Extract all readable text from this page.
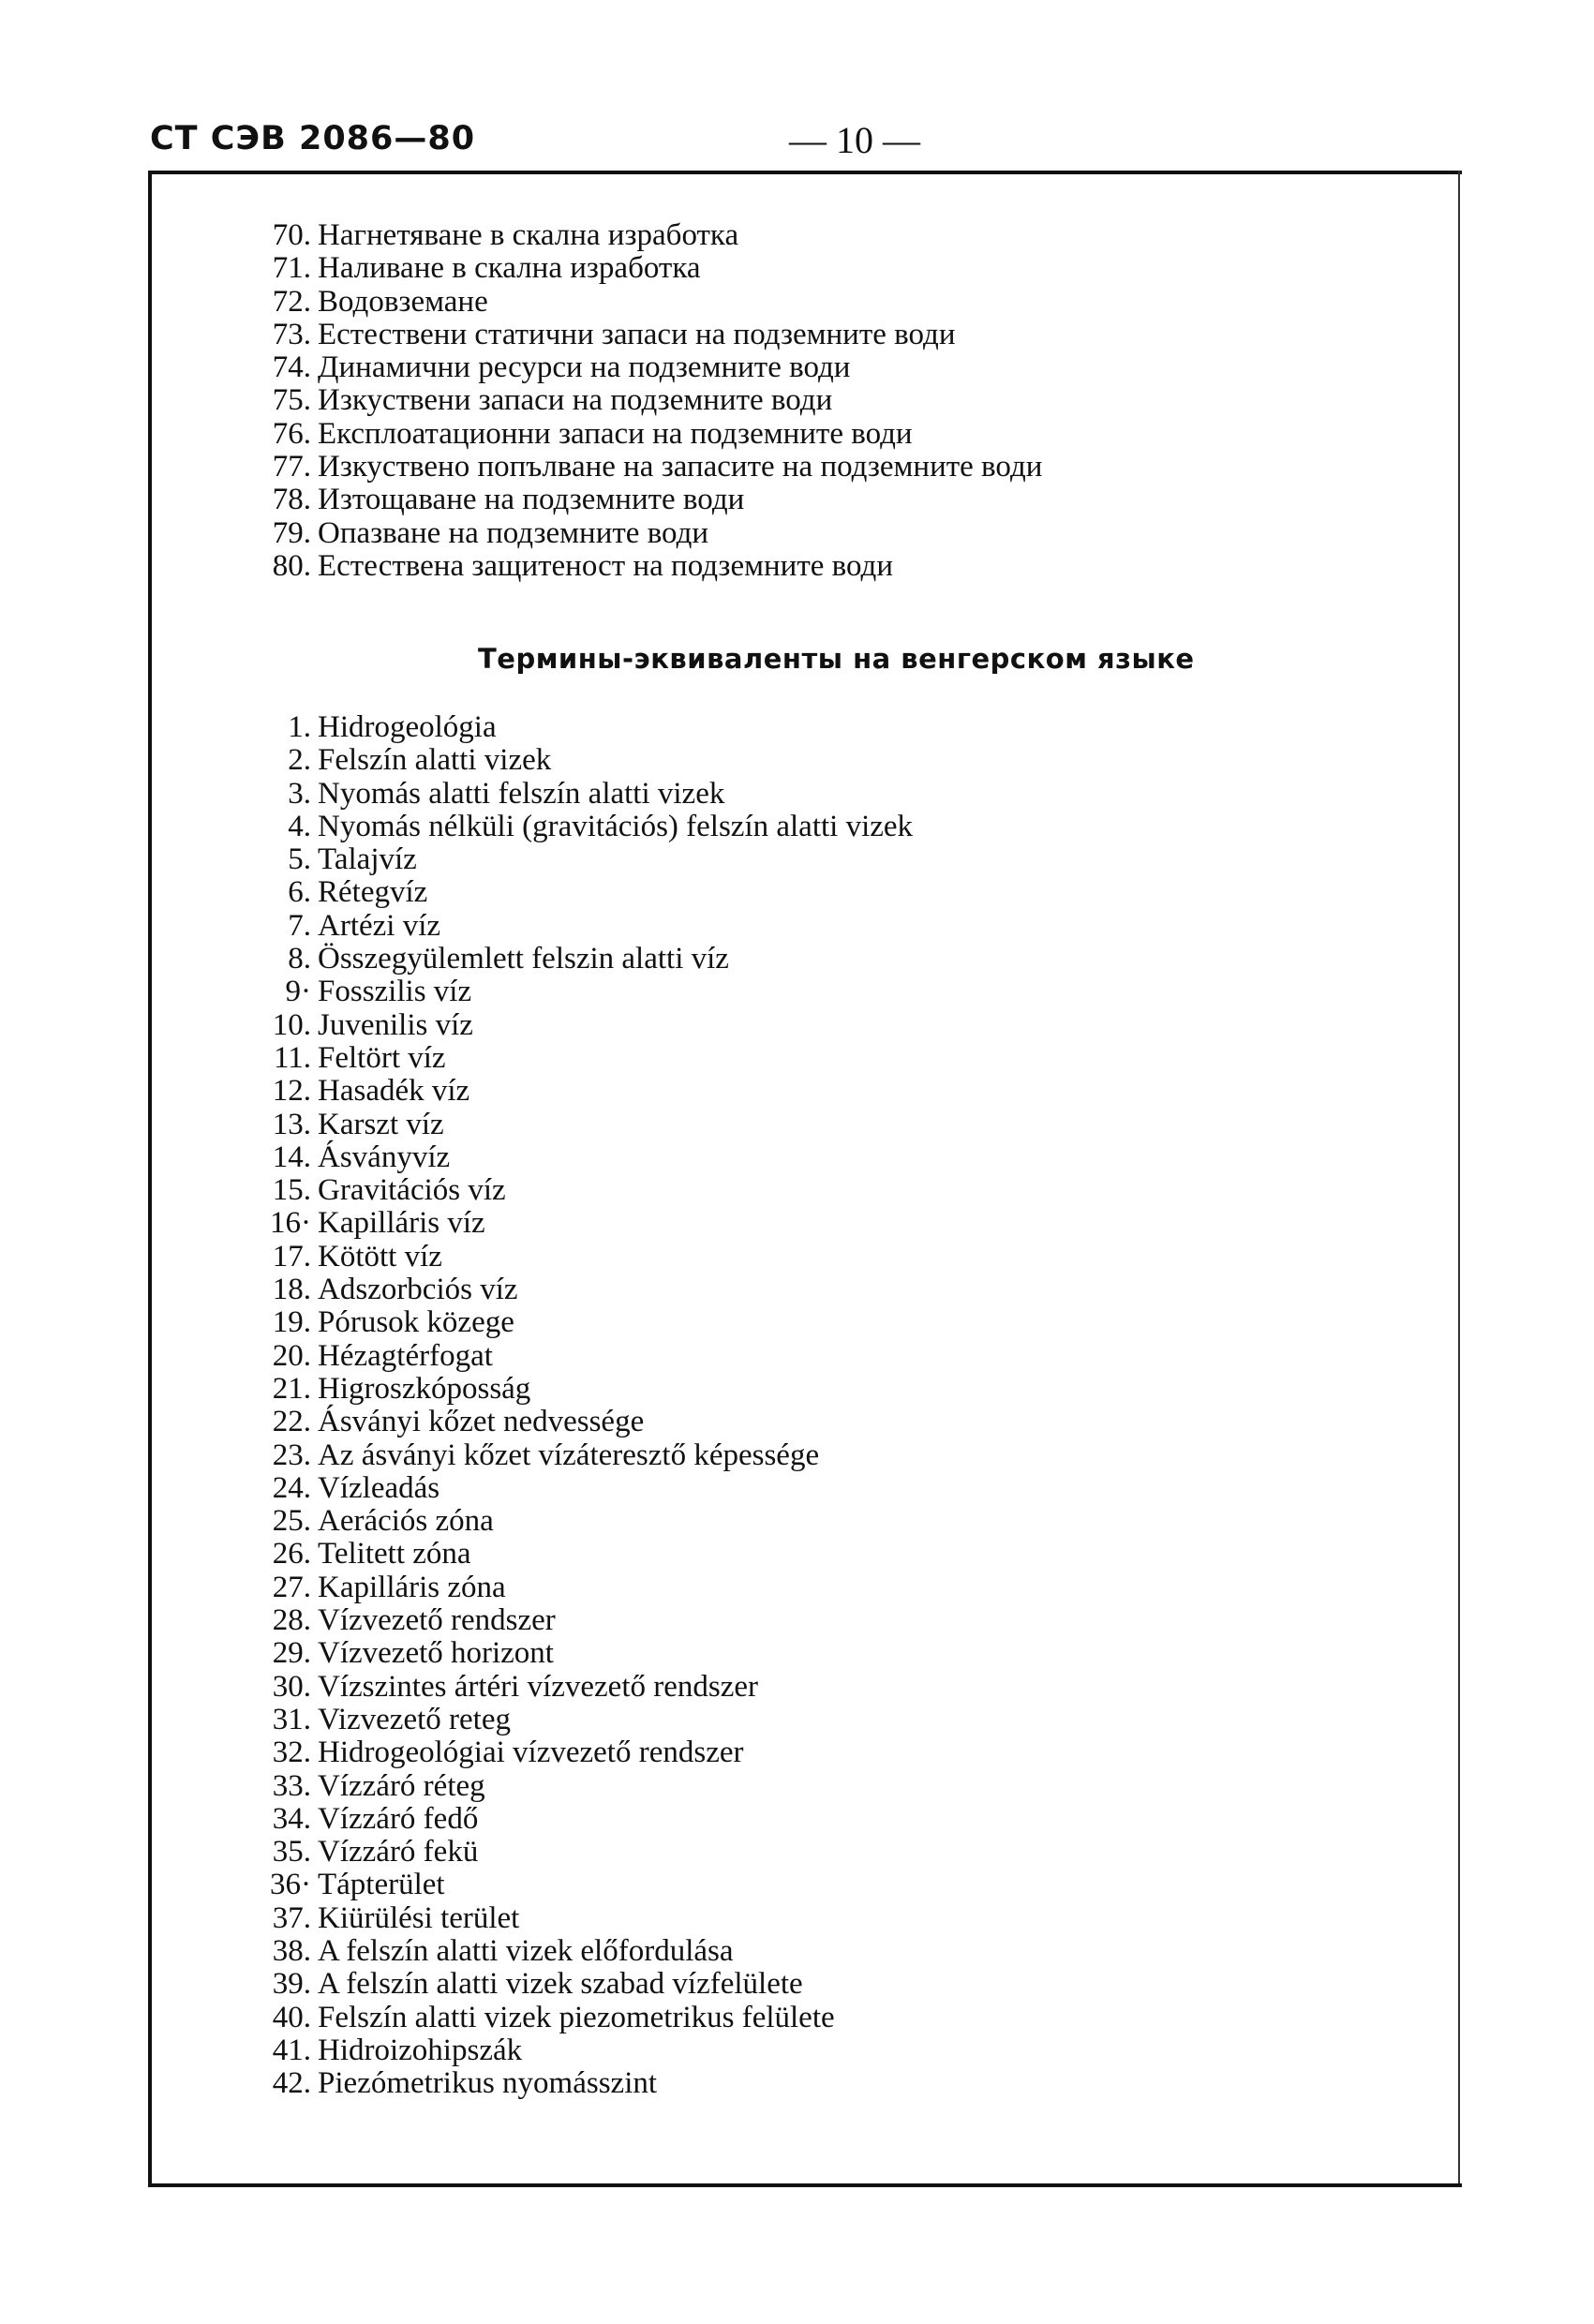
СТ СЭВ 2086—80	— 10 —
70. Нагнетяване в скална изработка
71. Наливане в скална изработка
72. Водовземане
73. Естествени статични запаси на подземните води
74. Динамични ресурси на подземните води
75. Изкуствени запаси на подземните води
76. Експлоатационни запаси на подземните води
77. Изкуствено попълване на запасите на подземните води
78. Изтощаване на подземните води
79. Опазване на подземните води
80. Естествена защитеност на подземните води
Термины-эквиваленты на венгерском языке
1. Hidrogeológia
2. Felszín alatti vizek
3. Nyomás alatti felszín alatti vizek
4. Nyomás nélküli (gravitációs) felszín alatti vizek
5. Talajvíz
6. Rétegvíz
7. Artézi víz
8. Összegyülemlett felszin alatti víz
9· Fosszilis víz
10. Juvenilis víz
11. Feltört víz
12. Hasadék víz
13. Karszt víz
14. Ásványvíz
15. Gravitációs víz
16· Kapilláris víz
17. Kötött víz
18. Adszorbciós víz
19. Pórusok közege
20. Hézagtérfogat
21. Higroszkóposság
22. Ásványi kőzet nedvessége
23. Az ásványi kőzet vízáteresztő képessége
24. Vízleadás
25. Aerációs zóna
26. Telitett zóna
27. Kapilláris zóna
28. Vízvezető rendszer
29. Vízvezető horizont
30. Vízszintes ártéri vízvezető rendszer
31. Vizvezető reteg
32. Hidrogeológiai vízvezető rendszer
33. Vízzáró réteg
34. Vízzáró fedő
35. Vízzáró fekü
36· Tápterület
37. Kiürülési terület
38. A felszín alatti vizek előfordulása
39. A felszín alatti vizek szabad vízfelülete
40. Felszín alatti vizek piezometrikus felülete
41. Hidroizohipszák
42. Piezómetrikus nyomásszint
